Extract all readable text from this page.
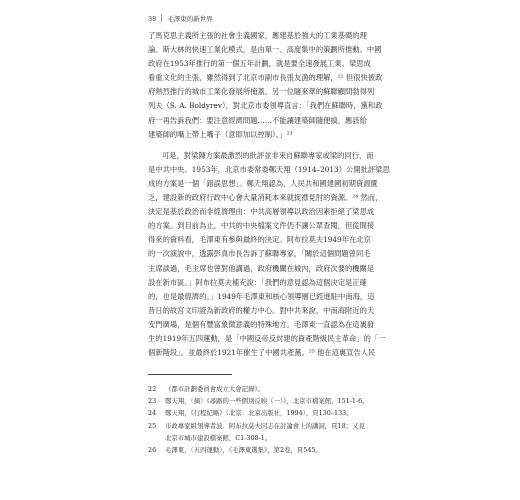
38 毛澤東的新世界
了馬克思主義所主張的社會主義國家，應建基於強大的工業基礎的理
論。斯大林的快速工業化模式，是由單一、高度集中的策劃所推動。中國
政府在1953年推行的第一個五年計劃，就是要全速發展工業。梁思成
看重文化的主張，雖然得到了北京市副市長張友漁的理解，²² 但很快被政
府熱烈推行的城市工業化發展所掩蓋。另一位隨來華的蘇聯顧問勃得列
列夫（S. A. Boldyrev），對北京市委領導直言：「我們在蘇聯時，黨和政
府一再告訴我們：要注意經濟問題……不能讓建築師隨便搞，應該給
建築師的嘴上帶上嘴子（意即加以控制）。」²³
可是，對梁陳方案最激烈的批評並非來自蘇聯專家或梁的同行，而
是中共中央。1953年，北京市委常委鄭天翔（1914–2013）公開批評梁思
成的方案是一個「錯誤思想」。鄭天翔認為，人民共和國建國初期資源匱
乏，建設新的政府行政中心會大量消耗本來就捉襟見肘的資源。²⁴ 然而，
決定是基於政治而非經濟理由：中共高層領導以政治因素拒絕了梁思成
的方案。到目前為止，中共的中央檔案文件仍不讓公眾查閱，但從間接
得來的資料看，毛澤東有參與最終的決定。阿布拉莫夫1949年在北京
的一次演說中，透露彭真市長告訴了蘇聯專家，「關於這個問題曾同毛
主席談過，毛主席也曾對他講過，政府機關在城內，政府次要的機關是
設在新市區。」阿布拉莫夫補充說：「我們的意見認為這個決定是正確
的，也是最經濟的。」1949年毛澤東和核心領導層已經進駐中南海，這
昔日的故宮文印證為新政府的權力中心。對中共來說，中南海附近的天
安門廣場，是個有豐富象徵意義的特殊地方。毛澤東一直認為在這裏發
生的1919年五四運動，是「中國反帝反封建的資產階級民主革命」的「一
個新階段」，並最終於1921年催生了中國共產黨。²⁵ 他在這裏宣告人民
22 《都市計劃委員會成立大會記錄》。
23 鄭天翔，〈摘〉《尋路的一些個別反映（一）》，北京市檔案館，151-1-6。
24 鄭天翔，《行程紀略》（北京：北京出版社，1994），頁130–133。
25 市政專家組領導者波．阿布拉莫夫同志在討論會上的講詞，頁18；又見
北京市城市建設檔案館，C1-308-1。
26 毛澤東，〈五四運動〉，《毛澤東選集》，第2卷，頁545。
